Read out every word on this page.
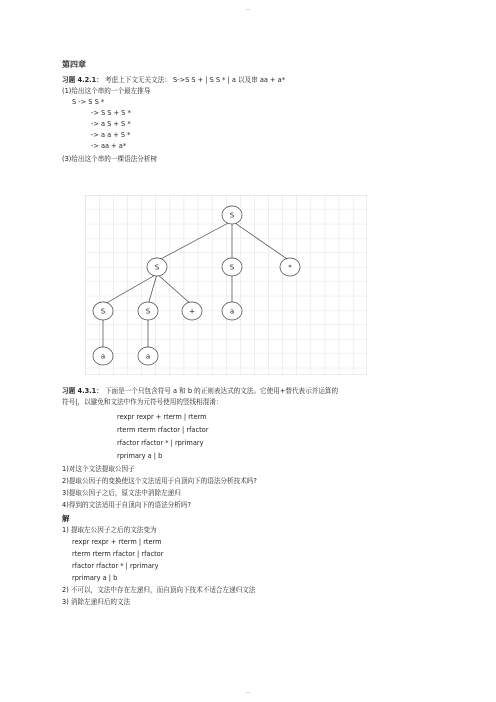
—
第四章
习题 4.2.1： 考虑上下文无关文法： S->S S + | S S * | a 以及串 aa + a*
(1)给出这个串的一个最左推导
S -> S S *
-> S S + S *
-> a S + S *
-> a a + S *
-> aa + a*
(3)给出这个串的一棵语法分析树
S
S	S	*
S	S	+	a
a	a
习题 4.3.1： 下面是一个只包含符号 a 和 b 的正则表达式的文法。它使用+替代表示并运算的
符号|，以避免和文法中作为元符号使用的竖线相混淆：
rexpr rexpr + rterm | rterm
rterm rterm rfactor | rfactor
rfactor rfactor * | rprimary
rprimary a | b
1)对这个文法提取公因子
2)提取公因子的变换使这个文法适用于自顶向下的语法分析技术吗?
3)提取公因子之后，原文法中消除左递归
4)得到的文法适用于自顶向下的语法分析吗?
解
1) 提取左公因子之后的文法变为
rexpr rexpr + rterm | rterm
rterm rterm rfactor | rfactor
rfactor rfactor * | rprimary
rprimary a | b
2) 不可以，文法中存在左递归，而自顶向下技术不适合左递归文法
3) 消除左递归后的文法
—
